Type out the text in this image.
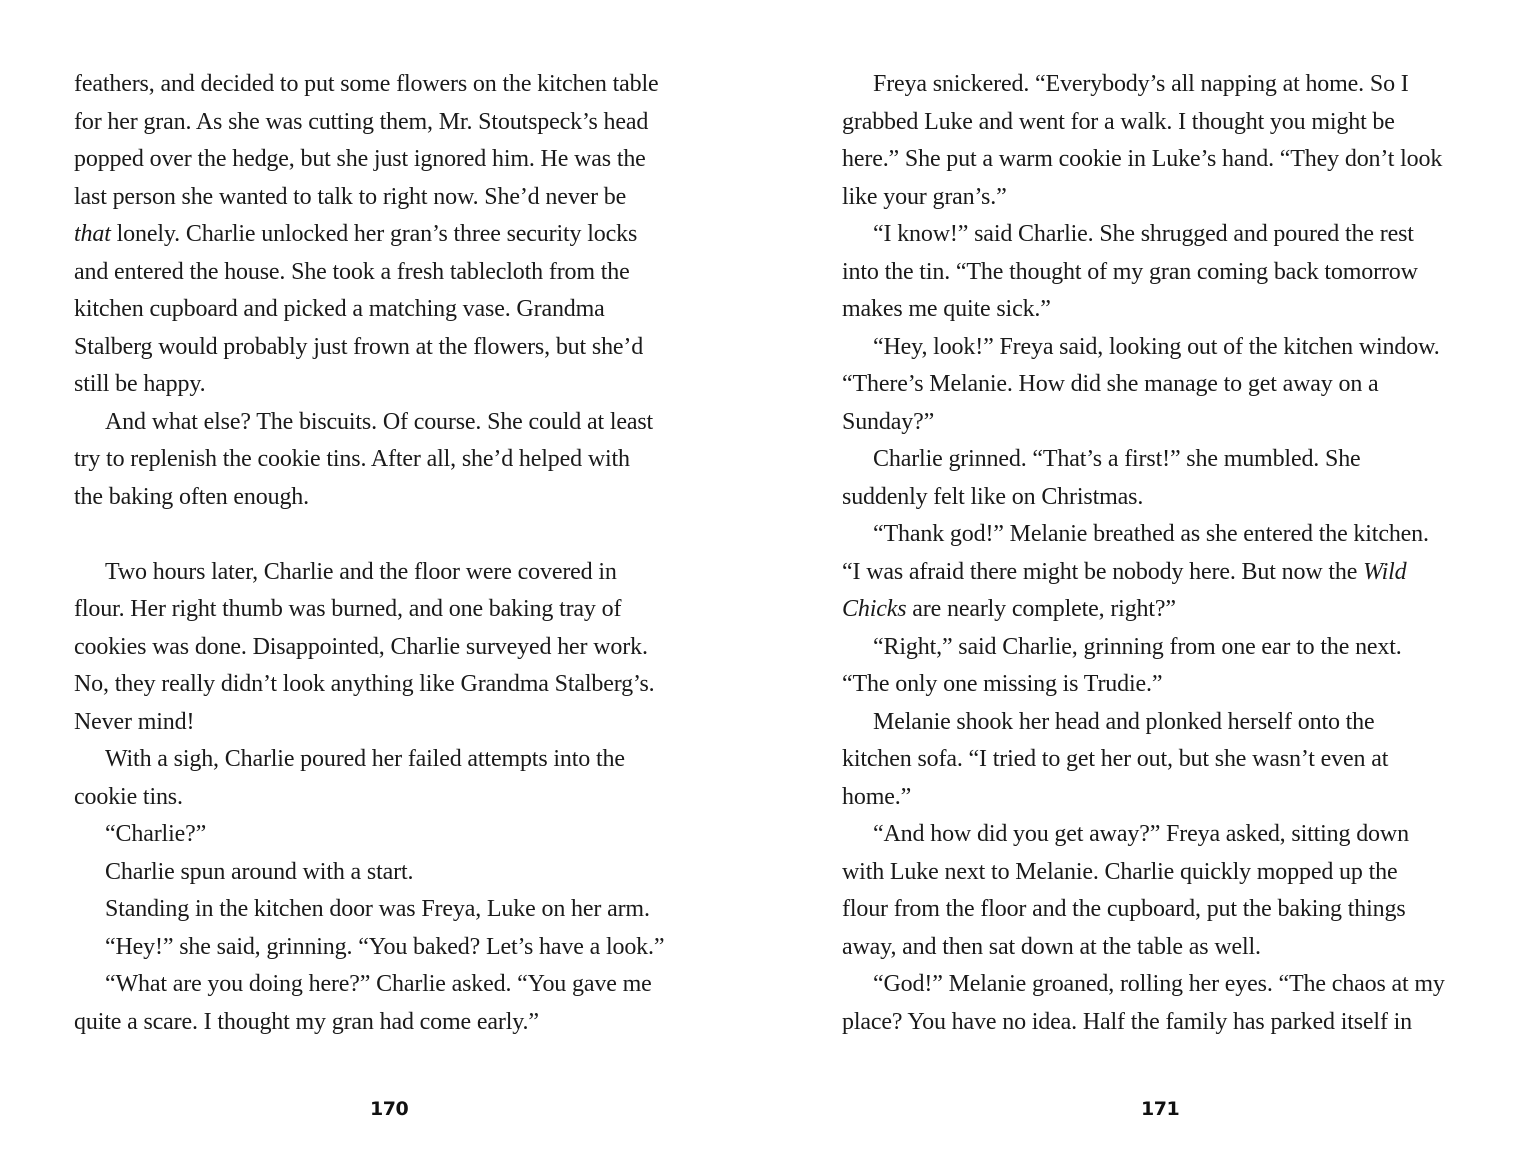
feathers, and decided to put some flowers on the kitchen table
for her gran. As she was cutting them, Mr. Stoutspeck’s head
popped over the hedge, but she just ignored him. He was the
last person she wanted to talk to right now. She’d never be
that lonely. Charlie unlocked her gran’s three security locks
and entered the house. She took a fresh tablecloth from the
kitchen cupboard and picked a matching vase. Grandma
Stalberg would probably just frown at the flowers, but she’d
still be happy.
And what else? The biscuits. Of course. She could at least
try to replenish the cookie tins. After all, she’d helped with
the baking often enough.
Two hours later, Charlie and the floor were covered in
flour. Her right thumb was burned, and one baking tray of
cookies was done. Disappointed, Charlie surveyed her work.
No, they really didn’t look anything like Grandma Stalberg’s.
Never mind!
With a sigh, Charlie poured her failed attempts into the
cookie tins.
“Charlie?”
Charlie spun around with a start.
Standing in the kitchen door was Freya, Luke on her arm.
“Hey!” she said, grinning. “You baked? Let’s have a look.”
“What are you doing here?” Charlie asked. “You gave me
quite a scare. I thought my gran had come early.”
170
Freya snickered. “Everybody’s all napping at home. So I
grabbed Luke and went for a walk. I thought you might be
here.” She put a warm cookie in Luke’s hand. “They don’t look
like your gran’s.”
“I know!” said Charlie. She shrugged and poured the rest
into the tin. “The thought of my gran coming back tomorrow
makes me quite sick.”
“Hey, look!” Freya said, looking out of the kitchen window.
“There’s Melanie. How did she manage to get away on a
Sunday?”
Charlie grinned. “That’s a first!” she mumbled. She
suddenly felt like on Christmas.
“Thank god!” Melanie breathed as she entered the kitchen.
“I was afraid there might be nobody here. But now the Wild
Chicks are nearly complete, right?”
“Right,” said Charlie, grinning from one ear to the next.
“The only one missing is Trudie.”
Melanie shook her head and plonked herself onto the
kitchen sofa. “I tried to get her out, but she wasn’t even at
home.”
“And how did you get away?” Freya asked, sitting down
with Luke next to Melanie. Charlie quickly mopped up the
flour from the floor and the cupboard, put the baking things
away, and then sat down at the table as well.
“God!” Melanie groaned, rolling her eyes. “The chaos at my
place? You have no idea. Half the family has parked itself in
171
